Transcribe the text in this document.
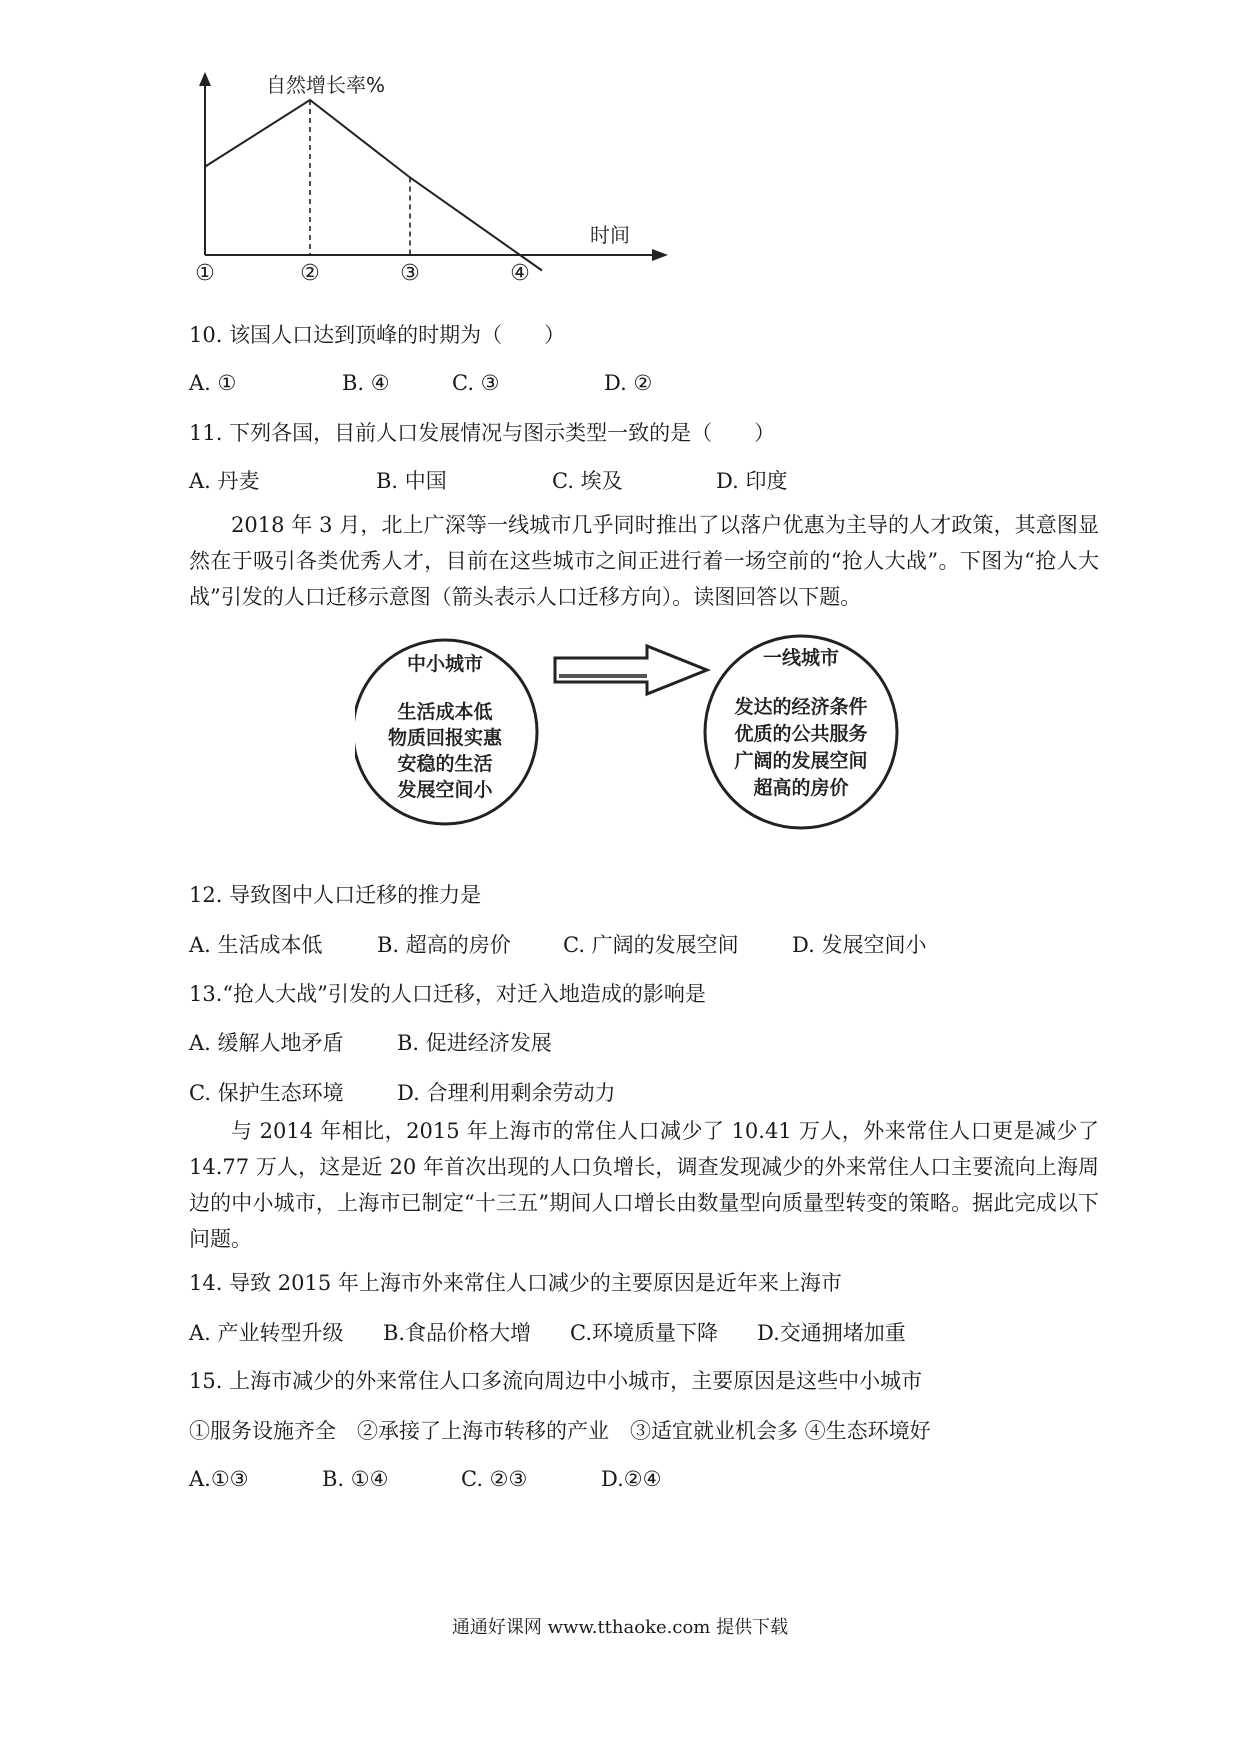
自然增长率%
时间
①	②	③	④
10. 该国人口达到顶峰的时期为（　　）
A. ①	B. ④	C. ③	D. ②
11. 下列各国，目前人口发展情况与图示类型一致的是（　　）
A. 丹麦	B. 中国	C. 埃及	D. 印度
2018 年 3 月，北上广深等一线城市几乎同时推出了以落户优惠为主导的人才政策，其意图显然在于吸引各类优秀人才，目前在这些城市之间正进行着一场空前的“抢人大战”。下图为“抢人大战”引发的人口迁移示意图（箭头表示人口迁移方向）。读图回答以下题。
中小城市
生活成本低
物质回报实惠
安稳的生活
发展空间小
一线城市
发达的经济条件
优质的公共服务
广阔的发展空间
超高的房价
12. 导致图中人口迁移的推力是
A. 生活成本低	B. 超高的房价 C. 广阔的发展空间	D. 发展空间小
13.“抢人大战”引发的人口迁移，对迁入地造成的影响是
A. 缓解人地矛盾	B. 促进经济发展
C. 保护生态环境	D. 合理利用剩余劳动力
与 2014 年相比，2015 年上海市的常住人口减少了 10.41 万人，外来常住人口更是减少了 14.77 万人，这是近 20 年首次出现的人口负增长，调查发现减少的外来常住人口主要流向上海周边的中小城市，上海市已制定“十三五”期间人口增长由数量型向质量型转变的策略。据此完成以下问题。
14. 导致 2015 年上海市外来常住人口减少的主要原因是近年来上海市
A. 产业转型升级 B.食品价格大增 C.环境质量下降 D.交通拥堵加重
15. 上海市减少的外来常住人口多流向周边中小城市，主要原因是这些中小城市
①服务设施齐全　②承接了上海市转移的产业　③适宜就业机会多 ④生态环境好
A.①③	B. ①④	C. ②③	D.②④
通通好课网 www.tthaoke.com 提供下载
